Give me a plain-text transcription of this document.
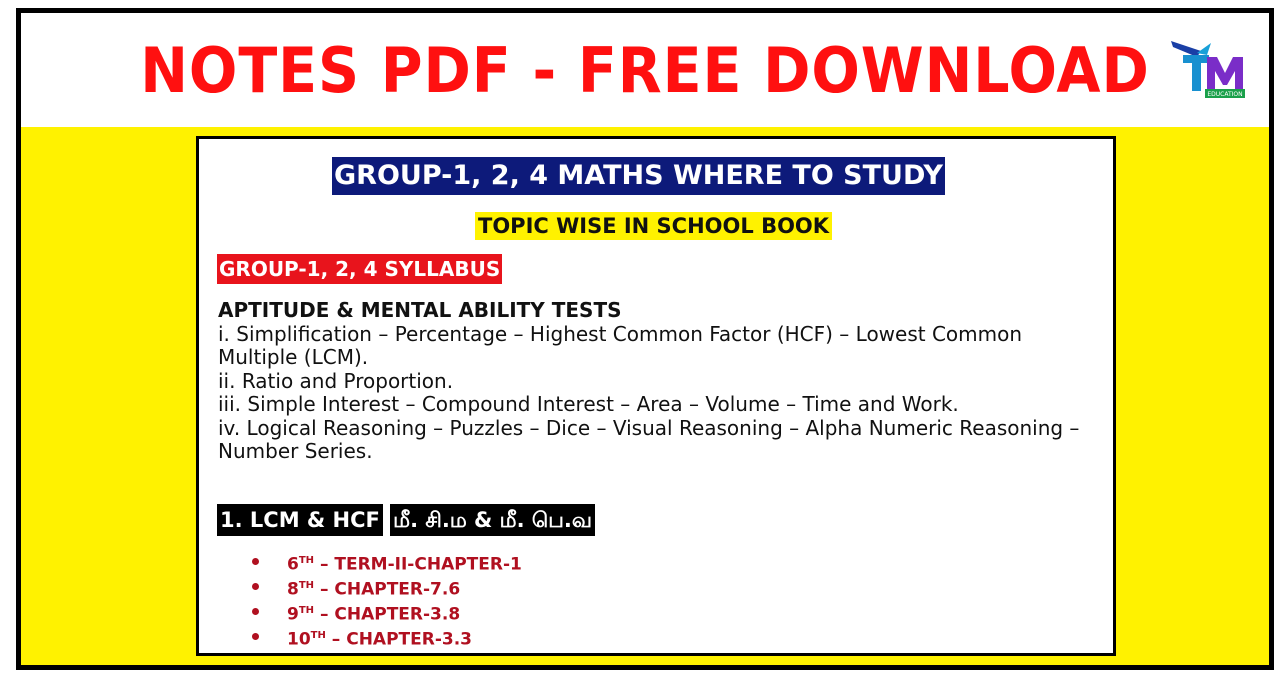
NOTES PDF - FREE DOWNLOAD	EDUCATION
GROUP-1, 2, 4 MATHS WHERE TO STUDY
TOPIC WISE IN SCHOOL BOOK
GROUP-1, 2, 4 SYLLABUS

APTITUDE & MENTAL ABILITY TESTS

i. Simplification – Percentage – Highest Common Factor (HCF) – Lowest Common Multiple (LCM).

ii. Ratio and Proportion.

iii. Simple Interest – Compound Interest – Area – Volume – Time and Work.

iv. Logical Reasoning – Puzzles – Dice – Visual Reasoning – Alpha Numeric Reasoning – Number Series.

1. LCM & HCF மீ. சி.ம & மீ. பெ.வ
6TH – TERM-II-CHAPTER-1
8TH – CHAPTER-7.6
9TH – CHAPTER-3.8
10TH – CHAPTER-3.3
